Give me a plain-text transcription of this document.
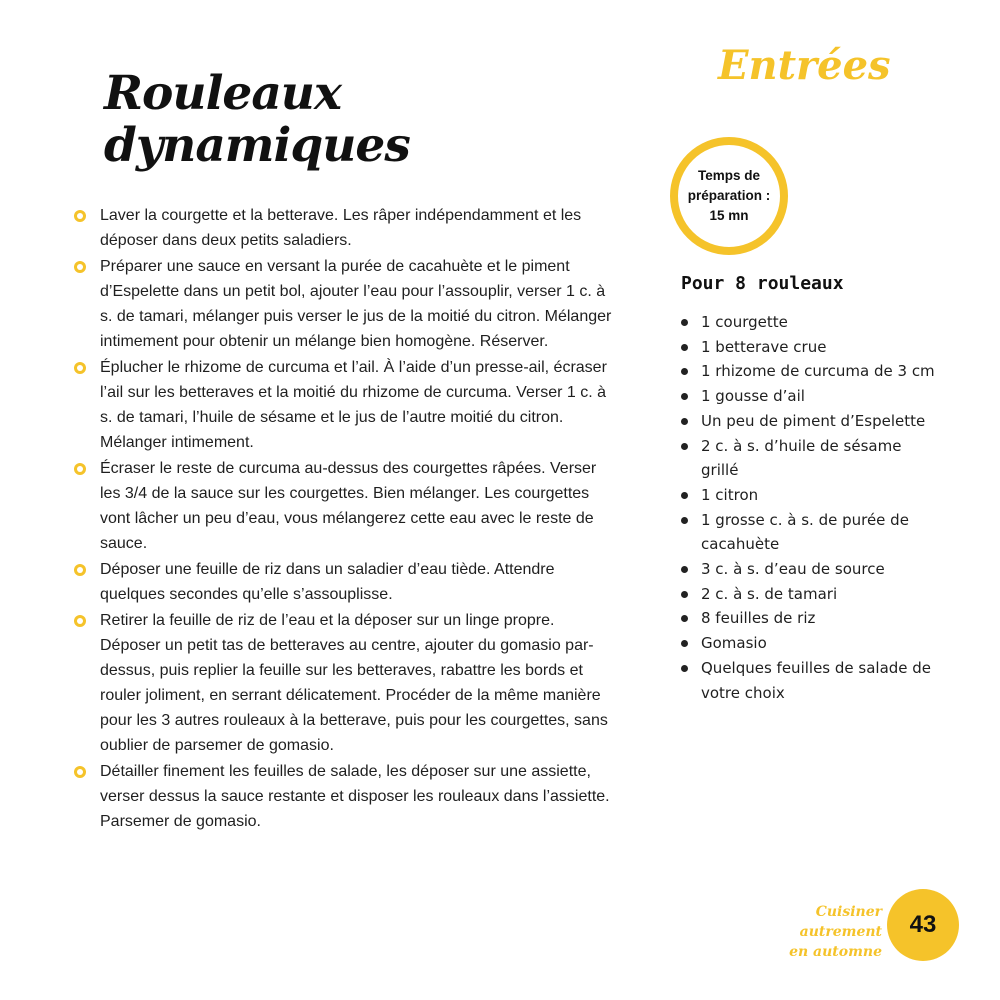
Rouleaux dynamiques
Entrées
Temps de
préparation :
15 mn
Laver la courgette et la betterave. Les râper indépendamment et les déposer dans deux petits saladiers.
Préparer une sauce en versant la purée de cacahuète et le piment d’Espelette dans un petit bol, ajouter l’eau pour l’assouplir, verser 1 c. à s. de tamari, mélanger puis verser le jus de la moitié du citron. Mélanger intimement pour obtenir un mélange bien homogène. Réserver.
Éplucher le rhizome de curcuma et l’ail. À l’aide d’un presse-ail, écraser l’ail sur les betteraves et la moitié du rhizome de curcuma. Verser 1 c. à s. de tamari, l’huile de sésame et le jus de l’autre moitié du citron. Mélanger intimement.
Écraser le reste de curcuma au-dessus des courgettes râpées. Verser les 3/4 de la sauce sur les courgettes. Bien mélanger. Les courgettes vont lâcher un peu d’eau, vous mélangerez cette eau avec le reste de sauce.
Déposer une feuille de riz dans un saladier d’eau tiède. Attendre quelques secondes qu’elle s’assouplisse.
Retirer la feuille de riz de l’eau et la déposer sur un linge propre. Déposer un petit tas de betteraves au centre, ajouter du gomasio par-dessus, puis replier la feuille sur les betteraves, rabattre les bords et rouler joliment, en serrant délicatement. Procéder de la même manière pour les 3 autres rouleaux à la betterave, puis pour les courgettes, sans oublier de parsemer de gomasio.
Détailler finement les feuilles de salade, les déposer sur une assiette, verser dessus la sauce restante et disposer les rouleaux dans l’assiette. Parsemer de gomasio.
Pour 8 rouleaux
1 courgette
1 betterave crue
1 rhizome de curcuma de 3 cm
1 gousse d’ail
Un peu de piment d’Espelette
2 c. à s. d’huile de sésame grillé
1 citron
1 grosse c. à s. de purée de cacahuète
3 c. à s. d’eau de source
2 c. à s. de tamari
8 feuilles de riz
Gomasio
Quelques feuilles de salade de votre choix
Cuisiner autrement
en automne
43
